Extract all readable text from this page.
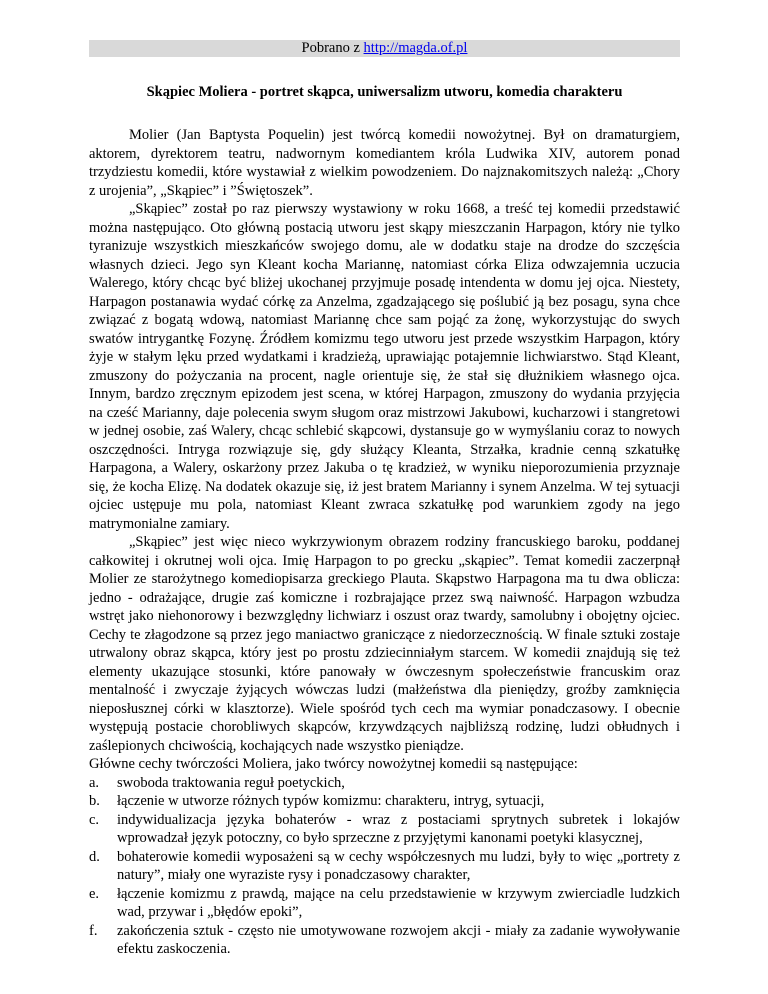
Pobrano z http://magda.of.pl
Skąpiec Moliera - portret skąpca, uniwersalizm utworu, komedia charakteru

Molier (Jan Baptysta Poquelin) jest twórcą komedii nowożytnej. Był on dramaturgiem, aktorem, dyrektorem teatru, nadwornym komediantem króla Ludwika XIV, autorem ponad trzydziestu komedii, które wystawiał z wielkim powodzeniem. Do najznakomitszych należą: „Chory z urojenia”, „Skąpiec” i ”Świętoszek”.

„Skąpiec” został po raz pierwszy wystawiony w roku 1668, a treść tej komedii przedstawić można następująco. Oto główną postacią utworu jest skąpy mieszczanin Harpagon, który nie tylko tyranizuje wszystkich mieszkańców swojego domu, ale w dodatku staje na drodze do szczęścia własnych dzieci. Jego syn Kleant kocha Mariannę, natomiast córka Eliza odwzajemnia uczucia Walerego, który chcąc być bliżej ukochanej przyjmuje posadę intendenta w domu jej ojca. Niestety, Harpagon postanawia wydać córkę za Anzelma, zgadzającego się poślubić ją bez posagu, syna chce związać z bogatą wdową, natomiast Mariannę chce sam pojąć za żonę, wykorzystując do swych swatów intrygantkę Fozynę. Źródłem komizmu tego utworu jest przede wszystkim Harpagon, który żyje w stałym lęku przed wydatkami i kradzieżą, uprawiając potajemnie lichwiarstwo. Stąd Kleant, zmuszony do pożyczania na procent, nagle orientuje się, że stał się dłużnikiem własnego ojca. Innym, bardzo zręcznym epizodem jest scena, w której Harpagon, zmuszony do wydania przyjęcia na cześć Marianny, daje polecenia swym sługom oraz mistrzowi Jakubowi, kucharzowi i stangretowi w jednej osobie, zaś Walery, chcąc schlebić skąpcowi, dystansuje go w wymyślaniu coraz to nowych oszczędności. Intryga rozwiązuje się, gdy służący Kleanta, Strzałka, kradnie cenną szkatułkę Harpagona, a Walery, oskarżony przez Jakuba o tę kradzież, w wyniku nieporozumienia przyznaje się, że kocha Elizę. Na dodatek okazuje się, iż jest bratem Marianny i synem Anzelma. W tej sytuacji ojciec ustępuje mu pola, natomiast Kleant zwraca szkatułkę pod warunkiem zgody na jego matrymonialne zamiary.

„Skąpiec” jest więc nieco wykrzywionym obrazem rodziny francuskiego baroku, poddanej całkowitej i okrutnej woli ojca. Imię Harpagon to po grecku „skąpiec”. Temat komedii zaczerpnął Molier ze starożytnego komediopisarza greckiego Plauta. Skąpstwo Harpagona ma tu dwa oblicza: jedno - odrażające, drugie zaś komiczne i rozbrajające przez swą naiwność. Harpagon wzbudza wstręt jako niehonorowy i bezwzględny lichwiarz i oszust oraz twardy, samolubny i obojętny ojciec. Cechy te złagodzone są przez jego maniactwo graniczące z niedorzecznością. W finale sztuki zostaje utrwalony obraz skąpca, który jest po prostu zdziecinniałym starcem. W komedii znajdują się też elementy ukazujące stosunki, które panowały w ówczesnym społeczeństwie francuskim oraz mentalność i zwyczaje żyjących wówczas ludzi (małżeństwa dla pieniędzy, groźby zamknięcia nieposłusznej córki w klasztorze). Wiele spośród tych cech ma wymiar ponadczasowy. I obecnie występują postacie chorobliwych skąpców, krzywdzących najbliższą rodzinę, ludzi obłudnych i zaślepionych chciwością, kochających nade wszystko pieniądze.

Główne cechy twórczości Moliera, jako twórcy nowożytnej komedii są następujące:

a. swoboda traktowania reguł poetyckich,
b. łączenie w utworze różnych typów komizmu: charakteru, intryg, sytuacji,
c. indywidualizacja języka bohaterów - wraz z postaciami sprytnych subretek i lokajów wprowadzał język potoczny, co było sprzeczne z przyjętymi kanonami poetyki klasycznej,
d. bohaterowie komedii wyposażeni są w cechy współczesnych mu ludzi, były to więc „portrety z natury”, miały one wyraziste rysy i ponadczasowy charakter,
e. łączenie komizmu z prawdą, mające na celu przedstawienie w krzywym zwierciadle ludzkich wad, przywar i „błędów epoki”,
f. zakończenia sztuk - często nie umotywowane rozwojem akcji - miały za zadanie wywoływanie efektu zaskoczenia.
